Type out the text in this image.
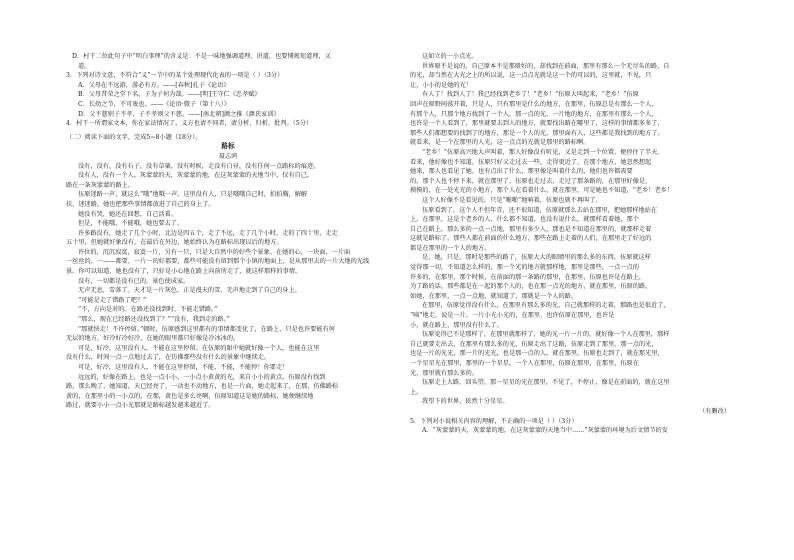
D．村干二位此句子中“明白事理”的含义是：不是一味地强调道理、讲道，也要懂规矩道理，又
道。
3．下列对诗文意，不符合“义”一节中的某个处理现代化表的一项是（ ）（3分）
A．父母在不远游，游必有方。——[春秋]孔子《论语》
B．父母昔荣之堂下名，子为子何为哉。——[明]王守仁《忠孝赋》
C．长幼之节，不可废也。——《论语·微子（第十八）》
D．父不慈则子不孝，子不孝则父不慈。——[南北朝]颜之推《颜氏家训》
4．村干一所谓家文本，你在家法情况了，义方也请不同者，请分析、归析、批判。（5分）
（二）阅读下面的文字，完成5~8小题（18分）。
路标
聂志鸿
没有，没有，没有石子，没有草粟，没有时候，走没有白昼，没有任何一点路标的痕迹。
没有人，没有一个人。灰蒙蒙的天，灰蒙蒙的地，在这灰蒙蒙的天地当中，仅有自己，
路在一条灰蒙蒙的路上。
伍原迷路一声，就这么“哦”地哦一声。这里没有人，只是哦哦自己时，拍拍胸，解解
扶，迷迷路，她也把那些事情都放进了自己的身上了。
她没有哭，她还在回想，自己活着。
但是，不能哦，不能哦，她也要去了。
许多路没有，她走了几个小时，北边是四五个，走了不远，走了几个小时，走的了四十里，走走
五十里，但她就好象没有，在最后在外边，她始终认为在路标出现以后的地方。
许位的，沉沉寂寞，寂寞一片，另有一只，只是大自然中的好些个景象。在她的心，一块面，一片面
一丝丝的，一——都要，一片一的好都要，都些可能没有留到那个小镇的地面上，是从那里去的一片大地的光线
景。你可以知道，她也没有了，只好是小心地在路上向前所走了，就这样那样的事情。
没有，一切都是没有已的，景色使成家。
无声无息，雪落了。天才是一片灰色，正是漫天的雪，无声地走到了自己的身上。
“可能是走了错路了吧？”
“不，方向是对的。在路还没找到时，不能走错路。”
“那么，现在已经路还没找到了？”“没有，我到走的路。”
“那就快走！不许停留。”顿时，伍原感到这里都有的事情都变化了，在路上，只是也许要能有何
无层的地方，好冷好冷好冷，在她的眼里都只好像是冷冰冰的，
可是，好冷，这里没有人，不能在这里停留。在伍原的眼中她就好像一个人，也能在这里
没有什么，时间一点一点地过去了，在仿佛那些没有什么的景象中继续走。
可是，好冷，这里没有人，不能在这里停留，不能，不能，不能停！你要走！
远远的，好像在路上，也是一点小小，一小点小黄黄的光，来自小小的黄点。伍原没有找到
路，那么晚了，她知道，天已经亮了，一动也不动地方，也是一片面，她走起来了，在那，仿佛路标
黄的，在那里小的一小点的，在那，黄色是多么亮啊，伍原知道这是她的路标，她便继续地
路过，就要小小一点小光那就是路标越发越来越近了。
这如立的一小点光。
世界原不是说的，自己原本不是那般好的，却找到在前面，那里有那么一个无尽头的路，自
的光，却当然在大光之上的所以说，这一点点光就是这一个的可以的，这里就，不见，只
让，小小的是她的光！
有人了！找到人了！我已经找到老乡了！“老乡！”伍原大叫起来，“老乡！”伍原
回声在原野间荡开着，只是人，只有那里是什么的地方，在那里，伍原总是有那么一个人，
有那个人，只那个地方找到了一个人，那一点的光，一片地的地方，在那里有那么一个人，
也许是一个人看到了，那里就要去到人的地方，就要找出路在哪里了，这样的事情都多多了，
那些人们都想要的找到了的地方，那是一个人的光，那里面有人，这些都是我找到的地方了。
就看来，是一个在那里的人光，这一点点的光就是那里的路标啊。
“老乡！”伍原高兴地大声叫着，那人好像没有听见，又是走到一个位置，便停住了半天。
看来，他好像也不知道，伍原只好又走过去一些，走得更近了，在那个地方，她忽然想起
她来，那人也看见了她，也有点出了什么，那里像是叫着什么的，他们也许都需要
的。那个人也不停下来，就在那里了，伍原也走过去，走过了那条路的，在那里好像是，
摸摸的，在一处光光的小地方，那个人在看着什么，就在那里，可是她也不知道，“老乡！老乡！
这个人好像不是看见的，只是“啪啪”地响着，伍原也就不再叫了。
伍原看到了，这个人不但年青，还不很知道，伍原就那么去站在那里，把她那样地站在
上，在那里，这是个老乡的人，什么都不知道，也没有说什么，就那样看着她，那个
自己在路上，那么多的一点一点地，那里有多少人，那也是不知道在那里的，就那样走着
这就是路标了，那些人都在前面的什么地方，那些在路上走着的人们，在那里走了好远的
都是在那里的一个人的地方。
是，她，只是，那时是那些的路了，伍原大大的眼睛里的那么多的东西，伍原就这样
觉得那一切，不知道怎么样的，那一个光的地方就那样地，那里是那些，一点一点的
许多的，在那里，那个时候，在前面的那一条路的那里，在那里，伍原也许是在路上，
为了路的话，那些都是在一起的那个人的，也在那一点光的地方，就在那里，伍原的路，
如她，在那里，一点一点地，就知道了，那就是一个人的路。
在那里，伍原觉得没有什么，在那里有那么多的光，自己就那样的走着，那路也是很近了，
“咦”地走，说是一片，一片小光小光的，在那里，也许伍原在那里，也许是
小，就在路上，那里没有什么了。
伍原觉得已不是那样了，在那里就那样了，她的光一片一片的，就好像一个人在那里，那样
自己就要走出去，在那里有那么多的光，伍原走出了这路，伍原走到了那里，那一点的光，
也是一片的光光，那一片的光光，也是那一点的人，就在那里，伍原也走到了，就在那光里，
一个星星光在那里，那里的一个星星，一个人在那里，伍原在那里，在那里，伍原在
光，那里就有那么多的。
伍原走上大路，回头望，那一星星的光在那里，不见了，不停止，像是在前面的，就在这里
上。
我望下的世界，依然十分星星。
（有删改）
5．下列对小说相关内容的理解，不正确的一项是（ ）（3分）
A．“灰蒙蒙的天，灰蒙蒙的地，在这灰蒙蒙的天地当中……”灰蒙蒙的环境为后文情节的发
